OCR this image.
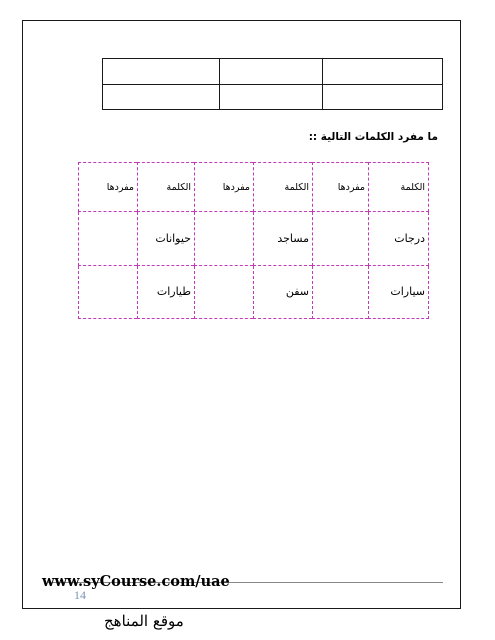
ما مفرد الكلمات التالية ::
الكلمة	مفردها	الكلمة	مفردها	الكلمة	مفردها
درجات		مساجد		حيوانات	
سيارات		سفن		طيارات	
www.syCourse.com/uae
14
موقع المناهج
